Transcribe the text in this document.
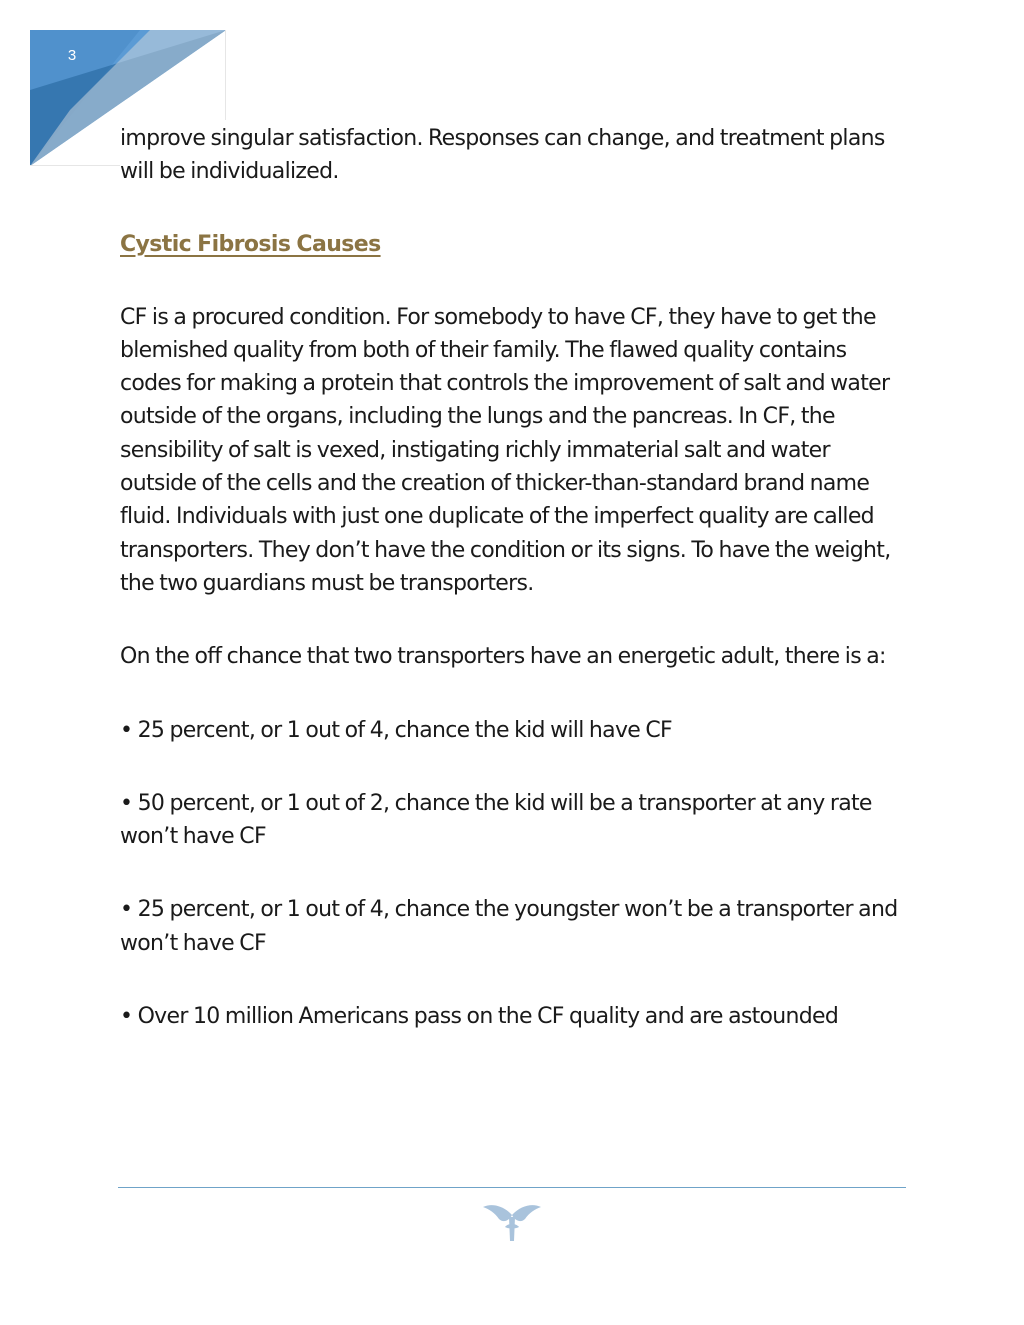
3

improve singular satisfaction. Responses can change, and treatment plans will be individualized.

Cystic Fibrosis Causes

CF is a procured condition. For somebody to have CF, they have to get the blemished quality from both of their family. The flawed quality contains codes for making a protein that controls the improvement of salt and water outside of the organs, including the lungs and the pancreas. In CF, the sensibility of salt is vexed, instigating richly immaterial salt and water outside of the cells and the creation of thicker-than-standard brand name fluid. Individuals with just one duplicate of the imperfect quality are called transporters. They don’t have the condition or its signs. To have the weight, the two guardians must be transporters.

On the off chance that two transporters have an energetic adult, there is a:

• 25 percent, or 1 out of 4, chance the kid will have CF

• 50 percent, or 1 out of 2, chance the kid will be a transporter at any rate won’t have CF

• 25 percent, or 1 out of 4, chance the youngster won’t be a transporter and won’t have CF

• Over 10 million Americans pass on the CF quality and are astounded
